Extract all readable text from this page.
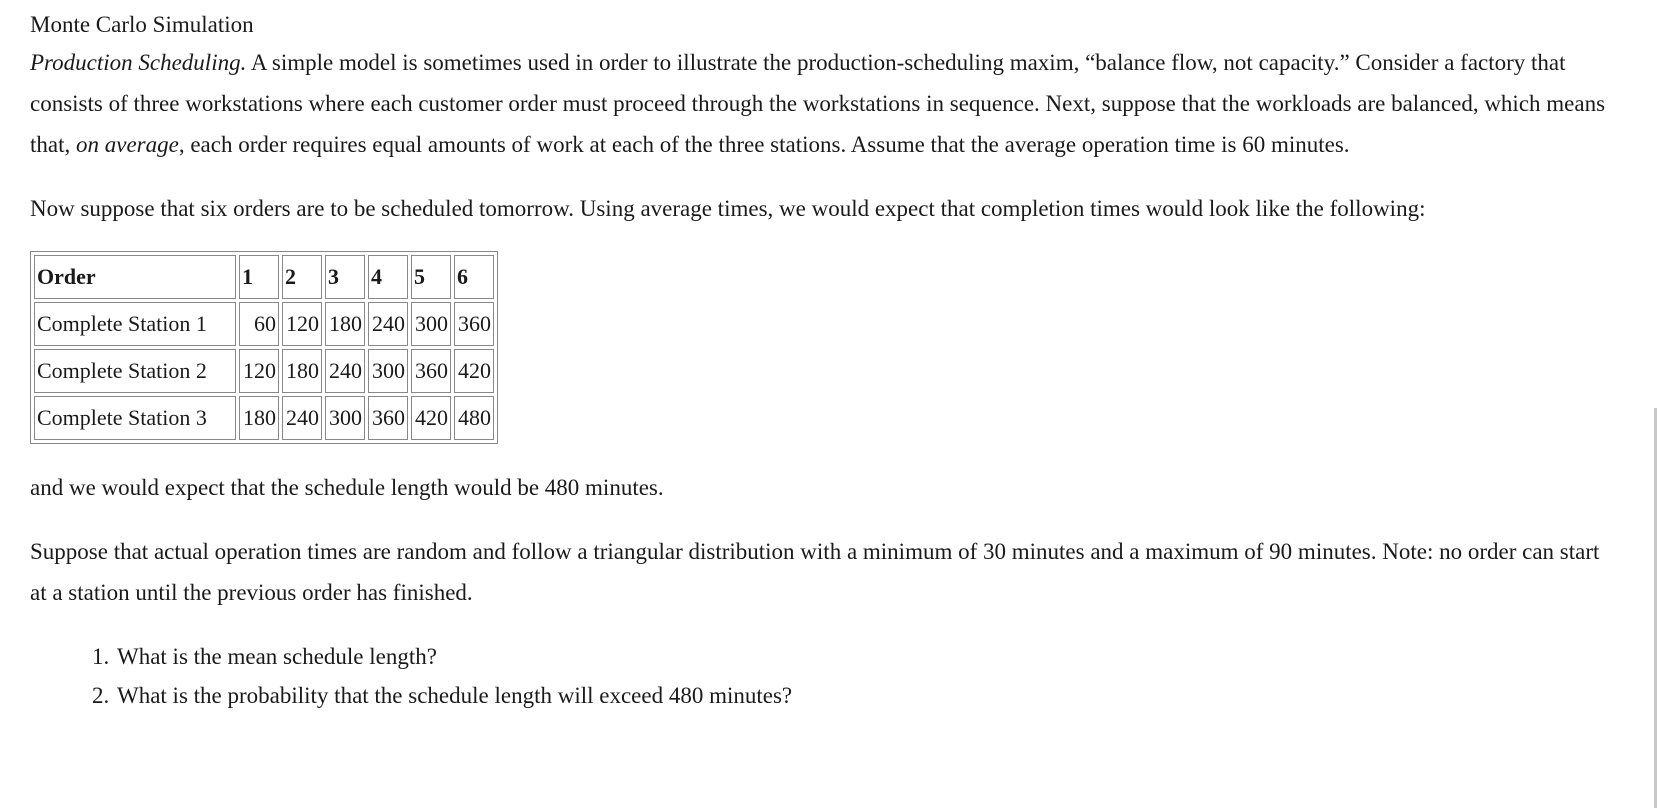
Monte Carlo Simulation

Production Scheduling. A simple model is sometimes used in order to illustrate the production-scheduling maxim, “balance flow, not capacity.” Consider a factory that consists of three workstations where each customer order must proceed through the workstations in sequence. Next, suppose that the workloads are balanced, which means that, on average, each order requires equal amounts of work at each of the three stations. Assume that the average operation time is 60 minutes.

Now suppose that six orders are to be scheduled tomorrow. Using average times, we would expect that completion times would look like the following:

Order	1	2	3	4	5	6
Complete Station 1	60	120	180	240	300	360
Complete Station 2	120	180	240	300	360	420
Complete Station 3	180	240	300	360	420	480

and we would expect that the schedule length would be 480 minutes.

Suppose that actual operation times are random and follow a triangular distribution with a minimum of 30 minutes and a maximum of 90 minutes. Note: no order can start at a station until the previous order has finished.

1. What is the mean schedule length?
2. What is the probability that the schedule length will exceed 480 minutes?
